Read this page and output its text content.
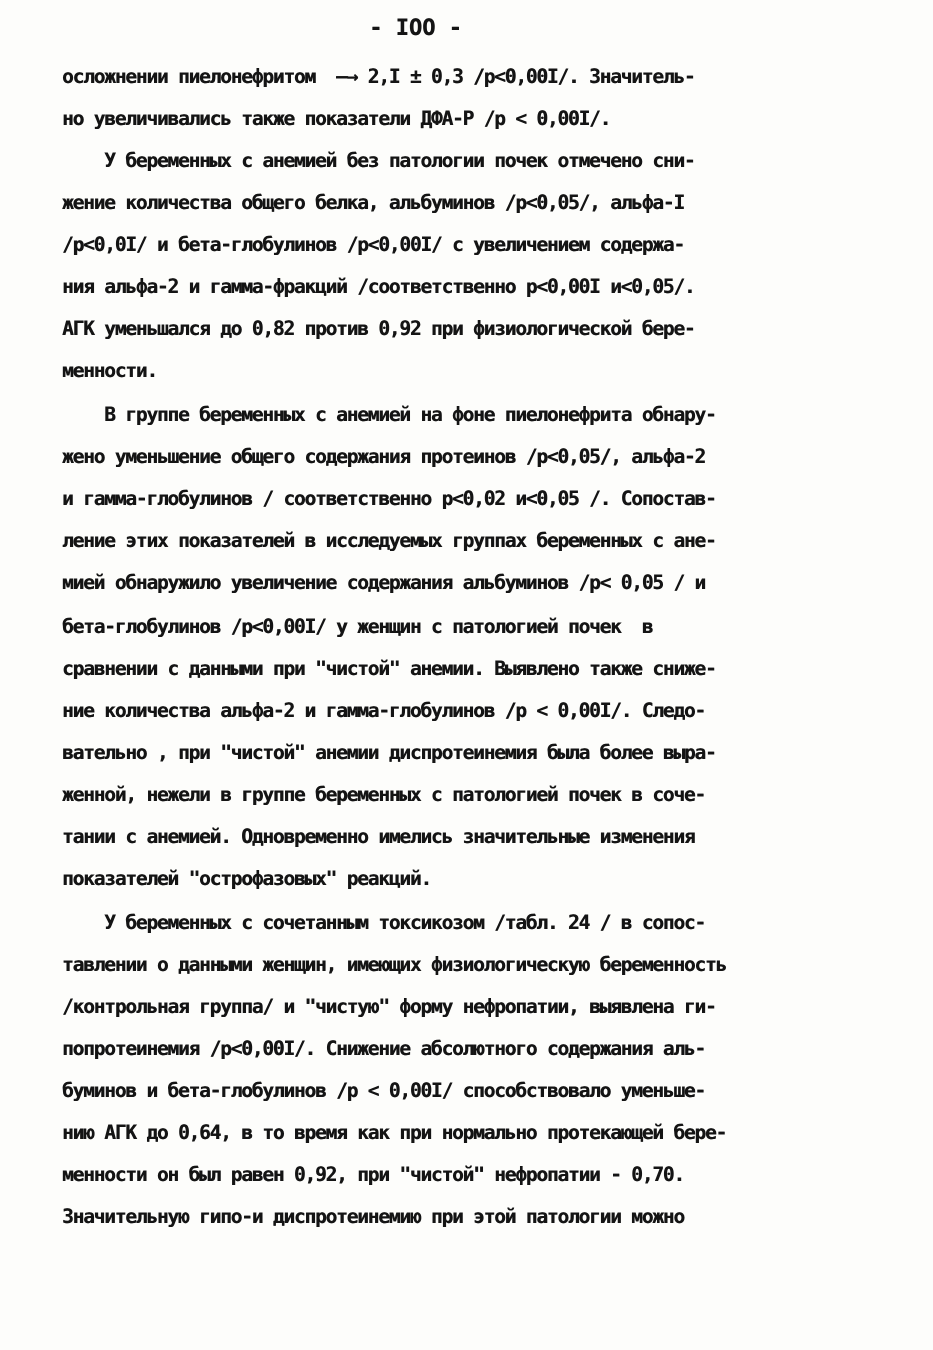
- IOO -
осложнении пиелонефритом  —→ 2,I ± 0,3 /р<0,00I/. Значитель-
но увеличивались также показатели ДФА-Р /р < 0,00I/.
У беременных с анемией без патологии почек отмечено сни-
жение количества общего белка, альбуминов /р<0,05/, альфа-I
/р<0,0I/ и бета-глобулинов /р<0,00I/ с увеличением содержа-
ния альфа-2 и гамма-фракций /соответственно р<0,00I и<0,05/.
АГК уменьшался до 0,82 против 0,92 при физиологической бере-
менности.
В группе беременных с анемией на фоне пиелонефрита обнару-
жено уменьшение общего содержания протеинов /р<0,05/, альфа-2
и гамма-глобулинов / соответственно р<0,02 и<0,05 /. Сопостав-
ление этих показателей в исследуемых группах беременных с ане-
мией обнаружило увеличение содержания альбуминов /р< 0,05 / и
бета-глобулинов /р<0,00I/ у женщин с патологией почек  в
сравнении с данными при "чистой" анемии. Выявлено также сниже-
ние количества альфа-2 и гамма-глобулинов /р < 0,00I/. Следо-
вательно , при "чистой" анемии диспротеинемия была более выра-
женной, нежели в группе беременных с патологией почек в соче-
тании с анемией. Одновременно имелись значительные изменения
показателей "острофазовых" реакций.
У беременных с сочетанным токсикозом /табл. 24 / в сопос-
тавлении о данными женщин, имеющих физиологическую беременность
/контрольная группа/ и "чистую" форму нефропатии, выявлена ги-
попротеинемия /р<0,00I/. Снижение абсолютного содержания аль-
буминов и бета-глобулинов /р < 0,00I/ способствовало уменьше-
нию АГК до 0,64, в то время как при нормально протекающей бере-
менности он был равен 0,92, при "чистой" нефропатии - 0,70.
Значительную гипо-и диспротеинемию при этой патологии можно
